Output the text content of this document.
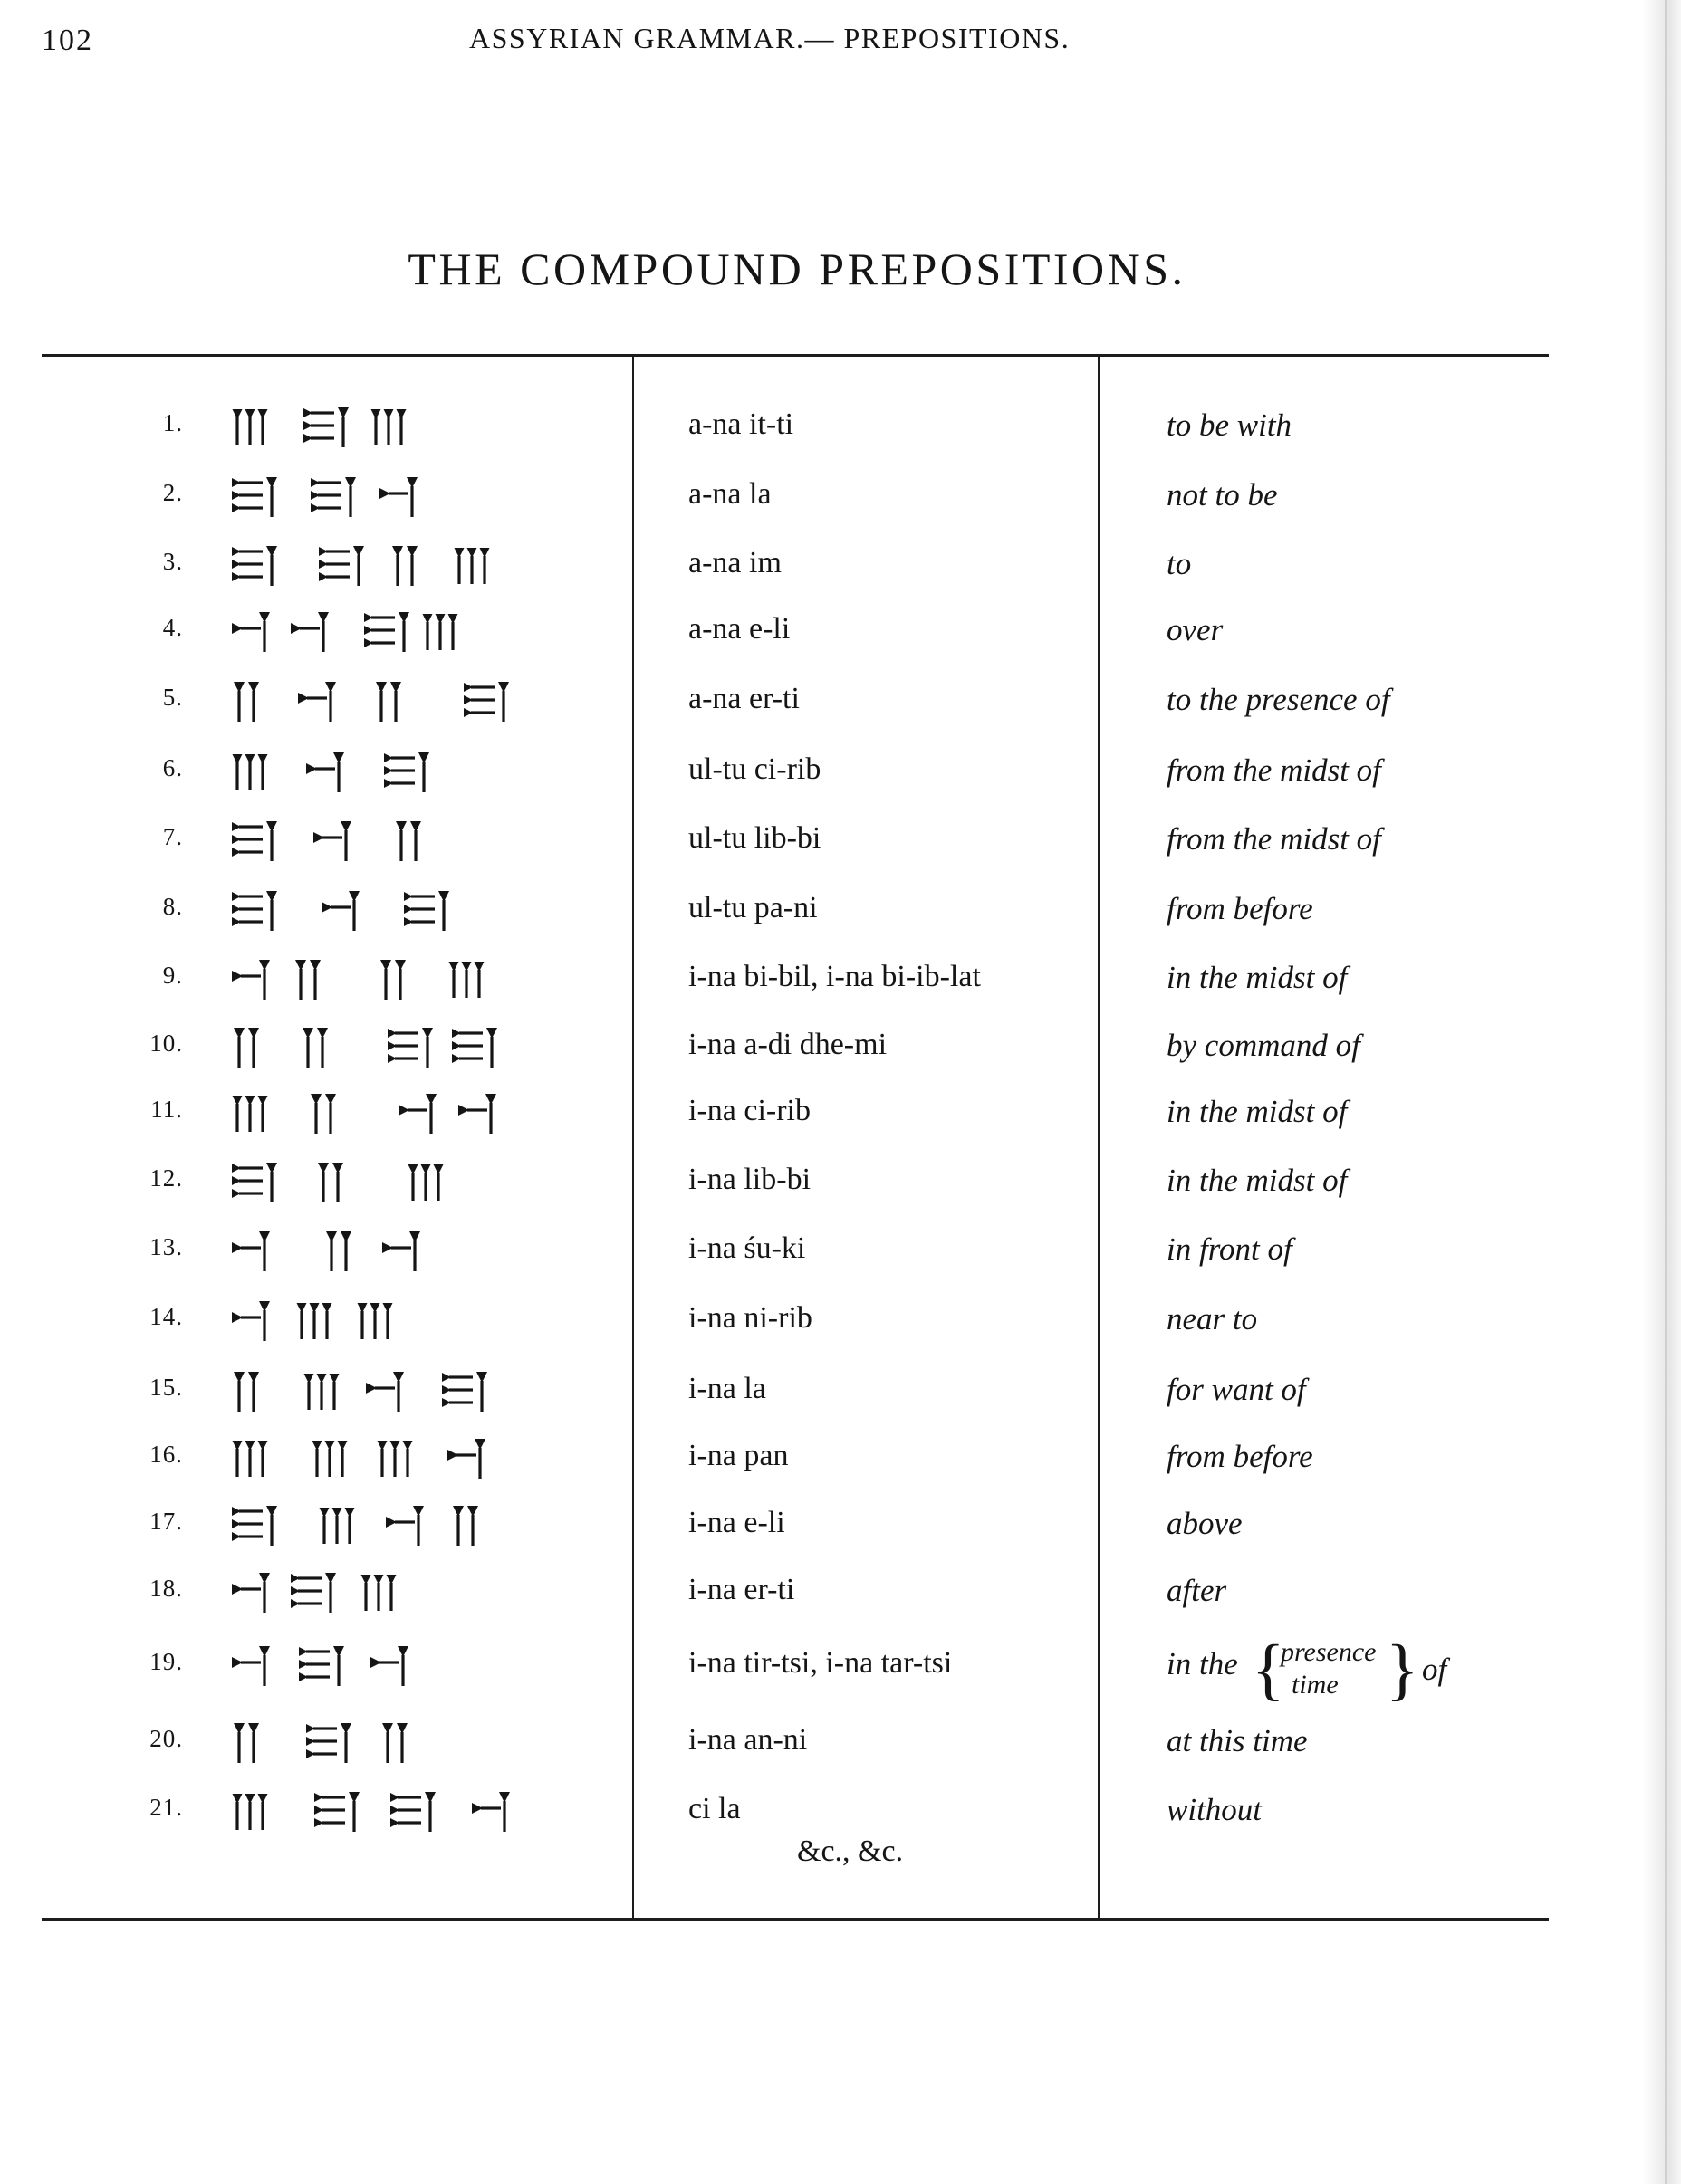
102	ASSYRIAN GRAMMAR.— PREPOSITIONS.
THE COMPOUND PREPOSITIONS.
1.	a-na it-ti	to be with
2.	a-na la	not to be
3.	a-na im	to
4.	a-na e-li	over
5.	a-na er-ti	to the presence of
6.	ul-tu ci-rib	from the midst of
7.	ul-tu lib-bi	from the midst of
8.	ul-tu pa-ni	from before
9.	i-na bi-bil, i-na bi-ib-lat	in the midst of
10.	i-na a-di dhe-mi	by command of
11.	i-na ci-rib	in the midst of
12.	i-na lib-bi	in the midst of
13.	i-na śu-ki	in front of
14.	i-na ni-rib	near to
15.	i-na la	for want of
16.	i-na pan	from before
17.	i-na e-li	above
18.	i-na er-ti	after
19.	i-na tir-tsi, i-na tar-tsi	in the {
presence
time } of
20.	i-na an-ni	at this time
21.	ci la	without
&c., &c.
